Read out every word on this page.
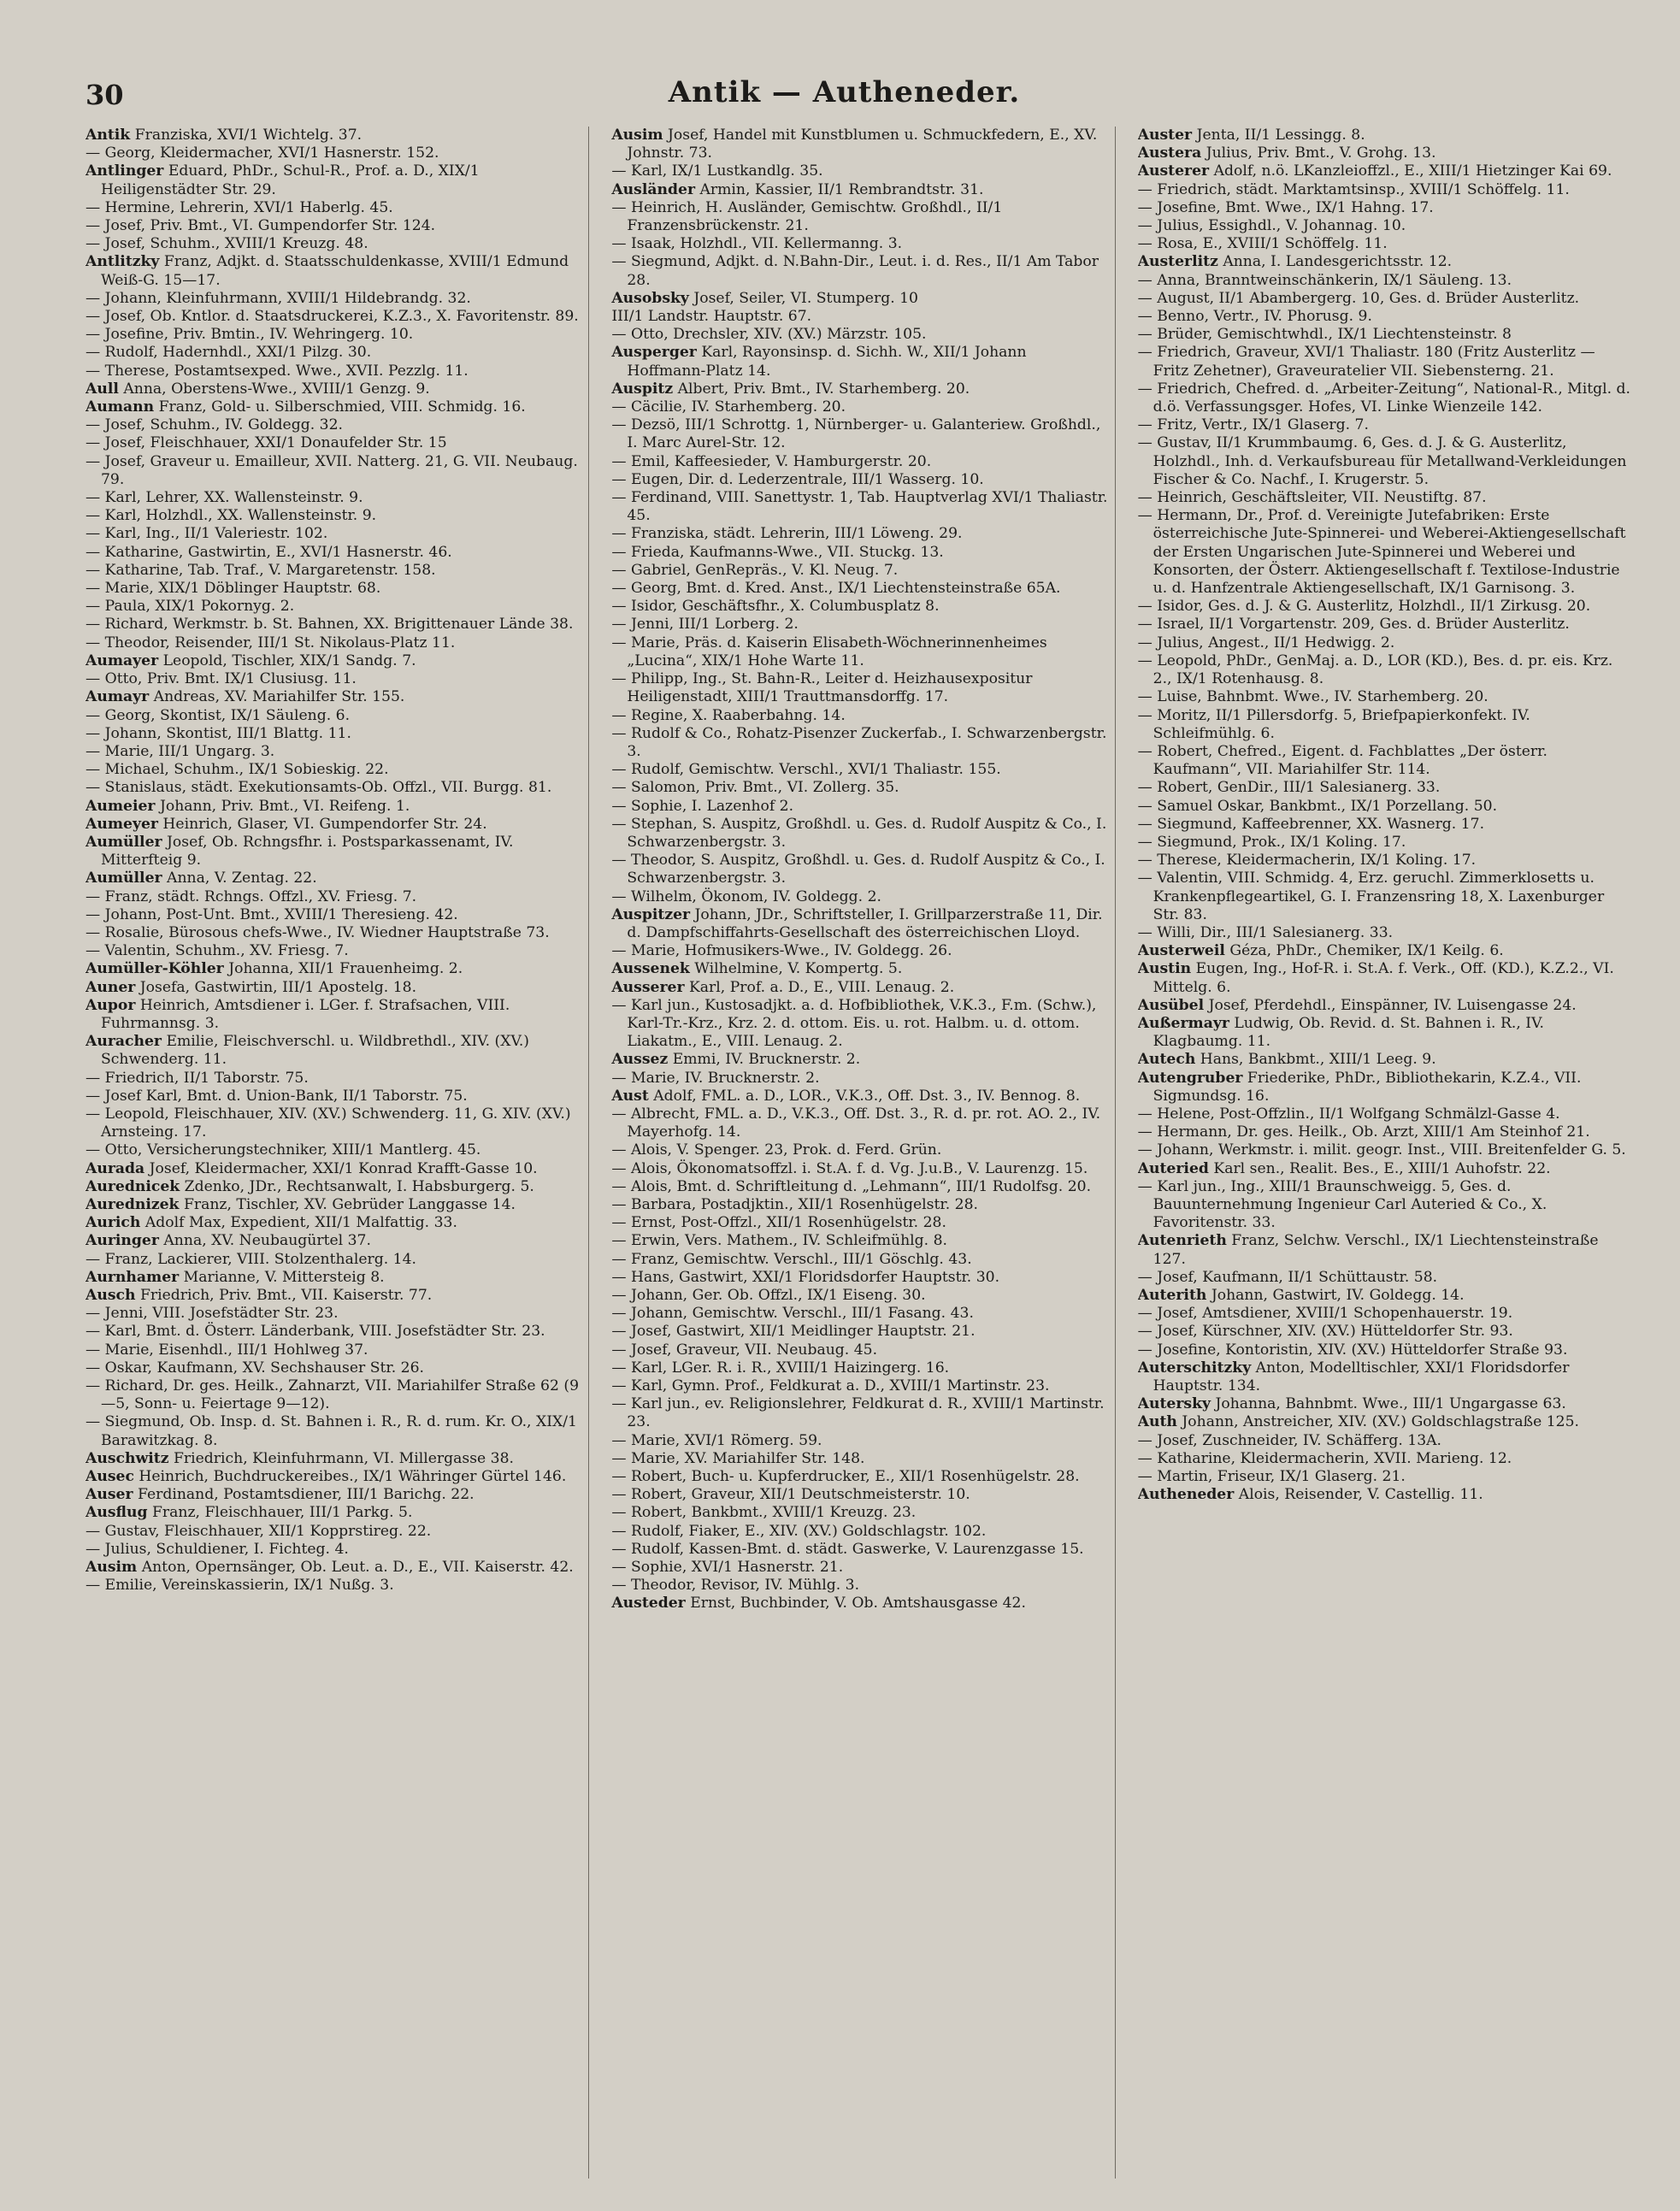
30	Antik — Autheneder.

Antik Franziska, XVI/1 Wichtelg. 37.

— Georg, Kleidermacher, XVI/1 Hasnerstr. 152.

Antlinger Eduard, PhDr., Schul-R., Prof. a. D., XIX/1 Heiligenstädter Str. 29.

— Hermine, Lehrerin, XVI/1 Haberlg. 45.

— Josef, Priv. Bmt., VI. Gumpendorfer Str. 124.

— Josef, Schuhm., XVIII/1 Kreuzg. 48.

Antlitzky Franz, Adjkt. d. Staatsschuldenkasse, XVIII/1 Edmund Weiß-G. 15—17.

— Johann, Kleinfuhrmann, XVIII/1 Hildebrandg. 32.

— Josef, Ob. Kntlor. d. Staatsdruckerei, K.Z.3., X. Favoritenstr. 89.

— Josefine, Priv. Bmtin., IV. Wehringerg. 10.

— Rudolf, Hadernhdl., XXI/1 Pilzg. 30.

— Therese, Postamtsexped. Wwe., XVII. Pezzlg. 11.

Aull Anna, Oberstens-Wwe., XVIII/1 Genzg. 9.

Aumann Franz, Gold- u. Silberschmied, VIII. Schmidg. 16.

— Josef, Schuhm., IV. Goldegg. 32.

— Josef, Fleischhauer, XXI/1 Donaufelder Str. 15

— Josef, Graveur u. Emailleur, XVII. Natterg. 21, G. VII. Neubaug. 79.

— Karl, Lehrer, XX. Wallensteinstr. 9.

— Karl, Holzhdl., XX. Wallensteinstr. 9.

— Karl, Ing., II/1 Valeriestr. 102.

— Katharine, Gastwirtin, E., XVI/1 Hasnerstr. 46.

— Katharine, Tab. Traf., V. Margaretenstr. 158.

— Marie, XIX/1 Döblinger Hauptstr. 68.

— Paula, XIX/1 Pokornyg. 2.

— Richard, Werkmstr. b. St. Bahnen, XX. Brigittenauer Lände 38.

— Theodor, Reisender, III/1 St. Nikolaus-Platz 11.

Aumayer Leopold, Tischler, XIX/1 Sandg. 7.

— Otto, Priv. Bmt. IX/1 Clusiusg. 11.

Aumayr Andreas, XV. Mariahilfer Str. 155.

— Georg, Skontist, IX/1 Säuleng. 6.

— Johann, Skontist, III/1 Blattg. 11.

— Marie, III/1 Ungarg. 3.

— Michael, Schuhm., IX/1 Sobieskig. 22.

— Stanislaus, städt. Exekutionsamts-Ob. Offzl., VII. Burgg. 81.

Aumeier Johann, Priv. Bmt., VI. Reifeng. 1.

Aumeyer Heinrich, Glaser, VI. Gumpendorfer Str. 24.

Aumüller Josef, Ob. Rchngsfhr. i. Postsparkassenamt, IV. Mitterfteig 9.

Aumüller Anna, V. Zentag. 22.

— Franz, städt. Rchngs. Offzl., XV. Friesg. 7.

— Johann, Post-Unt. Bmt., XVIII/1 Theresieng. 42.

— Rosalie, Bürosous chefs-Wwe., IV. Wiedner Hauptstraße 73.

— Valentin, Schuhm., XV. Friesg. 7.

Aumüller-Köhler Johanna, XII/1 Frauenheimg. 2.

Auner Josefa, Gastwirtin, III/1 Apostelg. 18.

Aupor Heinrich, Amtsdiener i. LGer. f. Strafsachen, VIII. Fuhrmannsg. 3.

Auracher Emilie, Fleischverschl. u. Wildbrethdl., XIV. (XV.) Schwenderg. 11.

— Friedrich, II/1 Taborstr. 75.

— Josef Karl, Bmt. d. Union-Bank, II/1 Taborstr. 75.

— Leopold, Fleischhauer, XIV. (XV.) Schwenderg. 11, G. XIV. (XV.) Arnsteing. 17.

— Otto, Versicherungstechniker, XIII/1 Mantlerg. 45.

Aurada Josef, Kleidermacher, XXI/1 Konrad Krafft-Gasse 10.

Aurednicek Zdenko, JDr., Rechtsanwalt, I. Habsburgerg. 5.

Aurednizek Franz, Tischler, XV. Gebrüder Langgasse 14.

Aurich Adolf Max, Expedient, XII/1 Malfattig. 33.

Auringer Anna, XV. Neubaugürtel 37.

— Franz, Lackierer, VIII. Stolzenthalerg. 14.

Aurnhamer Marianne, V. Mittersteig 8.

Ausch Friedrich, Priv. Bmt., VII. Kaiserstr. 77.

— Jenni, VIII. Josefstädter Str. 23.

— Karl, Bmt. d. Österr. Länderbank, VIII. Josefstädter Str. 23.

— Marie, Eisenhdl., III/1 Hohlweg 37.

— Oskar, Kaufmann, XV. Sechshauser Str. 26.

— Richard, Dr. ges. Heilk., Zahnarzt, VII. Mariahilfer Straße 62 (9—5, Sonn- u. Feiertage 9—12).

— Siegmund, Ob. Insp. d. St. Bahnen i. R., R. d. rum. Kr. O., XIX/1 Barawitzkag. 8.

Auschwitz Friedrich, Kleinfuhrmann, VI. Millergasse 38.

Ausec Heinrich, Buchdruckereibes., IX/1 Währinger Gürtel 146.

Auser Ferdinand, Postamtsdiener, III/1 Barichg. 22.

Ausflug Franz, Fleischhauer, III/1 Parkg. 5.

— Gustav, Fleischhauer, XII/1 Kopprstireg. 22.

— Julius, Schuldiener, I. Fichteg. 4.

Ausim Anton, Opernsänger, Ob. Leut. a. D., E., VII. Kaiserstr. 42.

— Emilie, Vereinskassierin, IX/1 Nußg. 3.

Ausim Josef, Handel mit Kunstblumen u. Schmuckfedern, E., XV. Johnstr. 73.

— Karl, IX/1 Lustkandlg. 35.

Ausländer Armin, Kassier, II/1 Rembrandtstr. 31.

— Heinrich, H. Ausländer, Gemischtw. Großhdl., II/1 Franzensbrückenstr. 21.

— Isaak, Holzhdl., VII. Kellermanng. 3.

— Siegmund, Adjkt. d. N.Bahn-Dir., Leut. i. d. Res., II/1 Am Tabor 28.

Ausobsky Josef, Seiler, VI. Stumperg. 10

III/1 Landstr. Hauptstr. 67.

— Otto, Drechsler, XIV. (XV.) Märzstr. 105.

Ausperger Karl, Rayonsinsp. d. Sichh. W., XII/1 Johann Hoffmann-Platz 14.

Auspitz Albert, Priv. Bmt., IV. Starhemberg. 20.

— Cäcilie, IV. Starhemberg. 20.

— Dezsö, III/1 Schrottg. 1, Nürnberger- u. Galanteriew. Großhdl., I. Marc Aurel-Str. 12.

— Emil, Kaffeesieder, V. Hamburgerstr. 20.

— Eugen, Dir. d. Lederzentrale, III/1 Wasserg. 10.

— Ferdinand, VIII. Sanettystr. 1, Tab. Hauptverlag XVI/1 Thaliastr. 45.

— Franziska, städt. Lehrerin, III/1 Löweng. 29.

— Frieda, Kaufmanns-Wwe., VII. Stuckg. 13.

— Gabriel, GenRepräs., V. Kl. Neug. 7.

— Georg, Bmt. d. Kred. Anst., IX/1 Liechtensteinstraße 65A.

— Isidor, Geschäftsfhr., X. Columbusplatz 8.

— Jenni, III/1 Lorberg. 2.

— Marie, Präs. d. Kaiserin Elisabeth-Wöchnerinnenheimes „Lucina“, XIX/1 Hohe Warte 11.

— Philipp, Ing., St. Bahn-R., Leiter d. Heizhausexpositur Heiligenstadt, XIII/1 Trauttmansdorffg. 17.

— Regine, X. Raaberbahng. 14.

— Rudolf & Co., Rohatz-Pisenzer Zuckerfab., I. Schwarzenbergstr. 3.

— Rudolf, Gemischtw. Verschl., XVI/1 Thaliastr. 155.

— Salomon, Priv. Bmt., VI. Zollerg. 35.

— Sophie, I. Lazenhof 2.

— Stephan, S. Auspitz, Großhdl. u. Ges. d. Rudolf Auspitz & Co., I. Schwarzenbergstr. 3.

— Theodor, S. Auspitz, Großhdl. u. Ges. d. Rudolf Auspitz & Co., I. Schwarzenbergstr. 3.

— Wilhelm, Ökonom, IV. Goldegg. 2.

Auspitzer Johann, JDr., Schriftsteller, I. Grillparzerstraße 11, Dir. d. Dampfschiffahrts-Gesellschaft des österreichischen Lloyd.

— Marie, Hofmusikers-Wwe., IV. Goldegg. 26.

Aussenek Wilhelmine, V. Kompertg. 5.

Ausserer Karl, Prof. a. D., E., VIII. Lenaug. 2.

— Karl jun., Kustosadjkt. a. d. Hofbibliothek, V.K.3., F.m. (Schw.), Karl-Tr.-Krz., Krz. 2. d. ottom. Eis. u. rot. Halbm. u. d. ottom. Liakatm., E., VIII. Lenaug. 2.

Aussez Emmi, IV. Brucknerstr. 2.

— Marie, IV. Brucknerstr. 2.

Aust Adolf, FML. a. D., LOR., V.K.3., Off. Dst. 3., IV. Bennog. 8.

— Albrecht, FML. a. D., V.K.3., Off. Dst. 3., R. d. pr. rot. AO. 2., IV. Mayerhofg. 14.

— Alois, V. Spenger. 23, Prok. d. Ferd. Grün.

— Alois, Ökonomatsoffzl. i. St.A. f. d. Vg. J.u.B., V. Laurenzg. 15.

— Alois, Bmt. d. Schriftleitung d. „Lehmann“, III/1 Rudolfsg. 20.

— Barbara, Postadjktin., XII/1 Rosenhügelstr. 28.

— Ernst, Post-Offzl., XII/1 Rosenhügelstr. 28.

— Erwin, Vers. Mathem., IV. Schleifmühlg. 8.

— Franz, Gemischtw. Verschl., III/1 Göschlg. 43.

— Hans, Gastwirt, XXI/1 Floridsdorfer Hauptstr. 30.

— Johann, Ger. Ob. Offzl., IX/1 Eiseng. 30.

— Johann, Gemischtw. Verschl., III/1 Fasang. 43.

— Josef, Gastwirt, XII/1 Meidlinger Hauptstr. 21.

— Josef, Graveur, VII. Neubaug. 45.

— Karl, LGer. R. i. R., XVIII/1 Haizingerg. 16.

— Karl, Gymn. Prof., Feldkurat a. D., XVIII/1 Martinstr. 23.

— Karl jun., ev. Religionslehrer, Feldkurat d. R., XVIII/1 Martinstr. 23.

— Marie, XVI/1 Römerg. 59.

— Marie, XV. Mariahilfer Str. 148.

— Robert, Buch- u. Kupferdrucker, E., XII/1 Rosenhügelstr. 28.

— Robert, Graveur, XII/1 Deutschmeisterstr. 10.

— Robert, Bankbmt., XVIII/1 Kreuzg. 23.

— Rudolf, Fiaker, E., XIV. (XV.) Goldschlagstr. 102.

— Rudolf, Kassen-Bmt. d. städt. Gaswerke, V. Laurenzgasse 15.

— Sophie, XVI/1 Hasnerstr. 21.

— Theodor, Revisor, IV. Mühlg. 3.

Austeder Ernst, Buchbinder, V. Ob. Amtshausgasse 42.

Auster Jenta, II/1 Lessingg. 8.

Austera Julius, Priv. Bmt., V. Grohg. 13.

Austerer Adolf, n.ö. LKanzleioffzl., E., XIII/1 Hietzinger Kai 69.

— Friedrich, städt. Marktamtsinsp., XVIII/1 Schöffelg. 11.

— Josefine, Bmt. Wwe., IX/1 Hahng. 17.

— Julius, Essighdl., V. Johannag. 10.

— Rosa, E., XVIII/1 Schöffelg. 11.

Austerlitz Anna, I. Landesgerichtsstr. 12.

— Anna, Branntweinschänkerin, IX/1 Säuleng. 13.

— August, II/1 Abambergerg. 10, Ges. d. Brüder Austerlitz.

— Benno, Vertr., IV. Phorusg. 9.

— Brüder, Gemischtwhdl., IX/1 Liechtensteinstr. 8

— Friedrich, Graveur, XVI/1 Thaliastr. 180 (Fritz Austerlitz — Fritz Zehetner), Graveuratelier VII. Siebensterng. 21.

— Friedrich, Chefred. d. „Arbeiter-Zeitung“, National-R., Mitgl. d. d.ö. Verfassungsger. Hofes, VI. Linke Wienzeile 142.

— Fritz, Vertr., IX/1 Glaserg. 7.

— Gustav, II/1 Krummbaumg. 6, Ges. d. J. & G. Austerlitz, Holzhdl., Inh. d. Verkaufsbureau für Metallwand-Verkleidungen Fischer & Co. Nachf., I. Krugerstr. 5.

— Heinrich, Geschäftsleiter, VII. Neustiftg. 87.

— Hermann, Dr., Prof. d. Vereinigte Jutefabriken: Erste österreichische Jute-Spinnerei- und Weberei-Aktiengesellschaft der Ersten Ungarischen Jute-Spinnerei und Weberei und Konsorten, der Österr. Aktiengesellschaft f. Textilose-Industrie u. d. Hanfzentrale Aktiengesellschaft, IX/1 Garnisong. 3.

— Isidor, Ges. d. J. & G. Austerlitz, Holzhdl., II/1 Zirkusg. 20.

— Israel, II/1 Vorgartenstr. 209, Ges. d. Brüder Austerlitz.

— Julius, Angest., II/1 Hedwigg. 2.

— Leopold, PhDr., GenMaj. a. D., LOR (KD.), Bes. d. pr. eis. Krz. 2., IX/1 Rotenhausg. 8.

— Luise, Bahnbmt. Wwe., IV. Starhemberg. 20.

— Moritz, II/1 Pillersdorfg. 5, Briefpapierkonfekt. IV. Schleifmühlg. 6.

— Robert, Chefred., Eigent. d. Fachblattes „Der österr. Kaufmann“, VII. Mariahilfer Str. 114.

— Robert, GenDir., III/1 Salesianerg. 33.

— Samuel Oskar, Bankbmt., IX/1 Porzellang. 50.

— Siegmund, Kaffeebrenner, XX. Wasnerg. 17.

— Siegmund, Prok., IX/1 Koling. 17.

— Therese, Kleidermacherin, IX/1 Koling. 17.

— Valentin, VIII. Schmidg. 4, Erz. geruchl. Zimmerklosetts u. Krankenpflegeartikel, G. I. Franzensring 18, X. Laxenburger Str. 83.

— Willi, Dir., III/1 Salesianerg. 33.

Austerweil Géza, PhDr., Chemiker, IX/1 Keilg. 6.

Austin Eugen, Ing., Hof-R. i. St.A. f. Verk., Off. (KD.), K.Z.2., VI. Mittelg. 6.

Ausübel Josef, Pferdehdl., Einspänner, IV. Luisengasse 24.

Außermayr Ludwig, Ob. Revid. d. St. Bahnen i. R., IV. Klagbaumg. 11.

Autech Hans, Bankbmt., XIII/1 Leeg. 9.

Autengruber Friederike, PhDr., Bibliothekarin, K.Z.4., VII. Sigmundsg. 16.

— Helene, Post-Offzlin., II/1 Wolfgang Schmälzl-Gasse 4.

— Hermann, Dr. ges. Heilk., Ob. Arzt, XIII/1 Am Steinhof 21.

— Johann, Werkmstr. i. milit. geogr. Inst., VIII. Breitenfelder G. 5.

Auteried Karl sen., Realit. Bes., E., XIII/1 Auhofstr. 22.

— Karl jun., Ing., XIII/1 Braunschweigg. 5, Ges. d. Bauunternehmung Ingenieur Carl Auteried & Co., X. Favoritenstr. 33.

Autenrieth Franz, Selchw. Verschl., IX/1 Liechtensteinstraße 127.

— Josef, Kaufmann, II/1 Schüttaustr. 58.

Auterith Johann, Gastwirt, IV. Goldegg. 14.

— Josef, Amtsdiener, XVIII/1 Schopenhauerstr. 19.

— Josef, Kürschner, XIV. (XV.) Hütteldorfer Str. 93.

— Josefine, Kontoristin, XIV. (XV.) Hütteldorfer Straße 93.

Auterschitzky Anton, Modelltischler, XXI/1 Floridsdorfer Hauptstr. 134.

Autersky Johanna, Bahnbmt. Wwe., III/1 Ungargasse 63.

Auth Johann, Anstreicher, XIV. (XV.) Goldschlagstraße 125.

— Josef, Zuschneider, IV. Schäfferg. 13A.

— Katharine, Kleidermacherin, XVII. Marieng. 12.

— Martin, Friseur, IX/1 Glaserg. 21.

Autheneder Alois, Reisender, V. Castellig. 11.
